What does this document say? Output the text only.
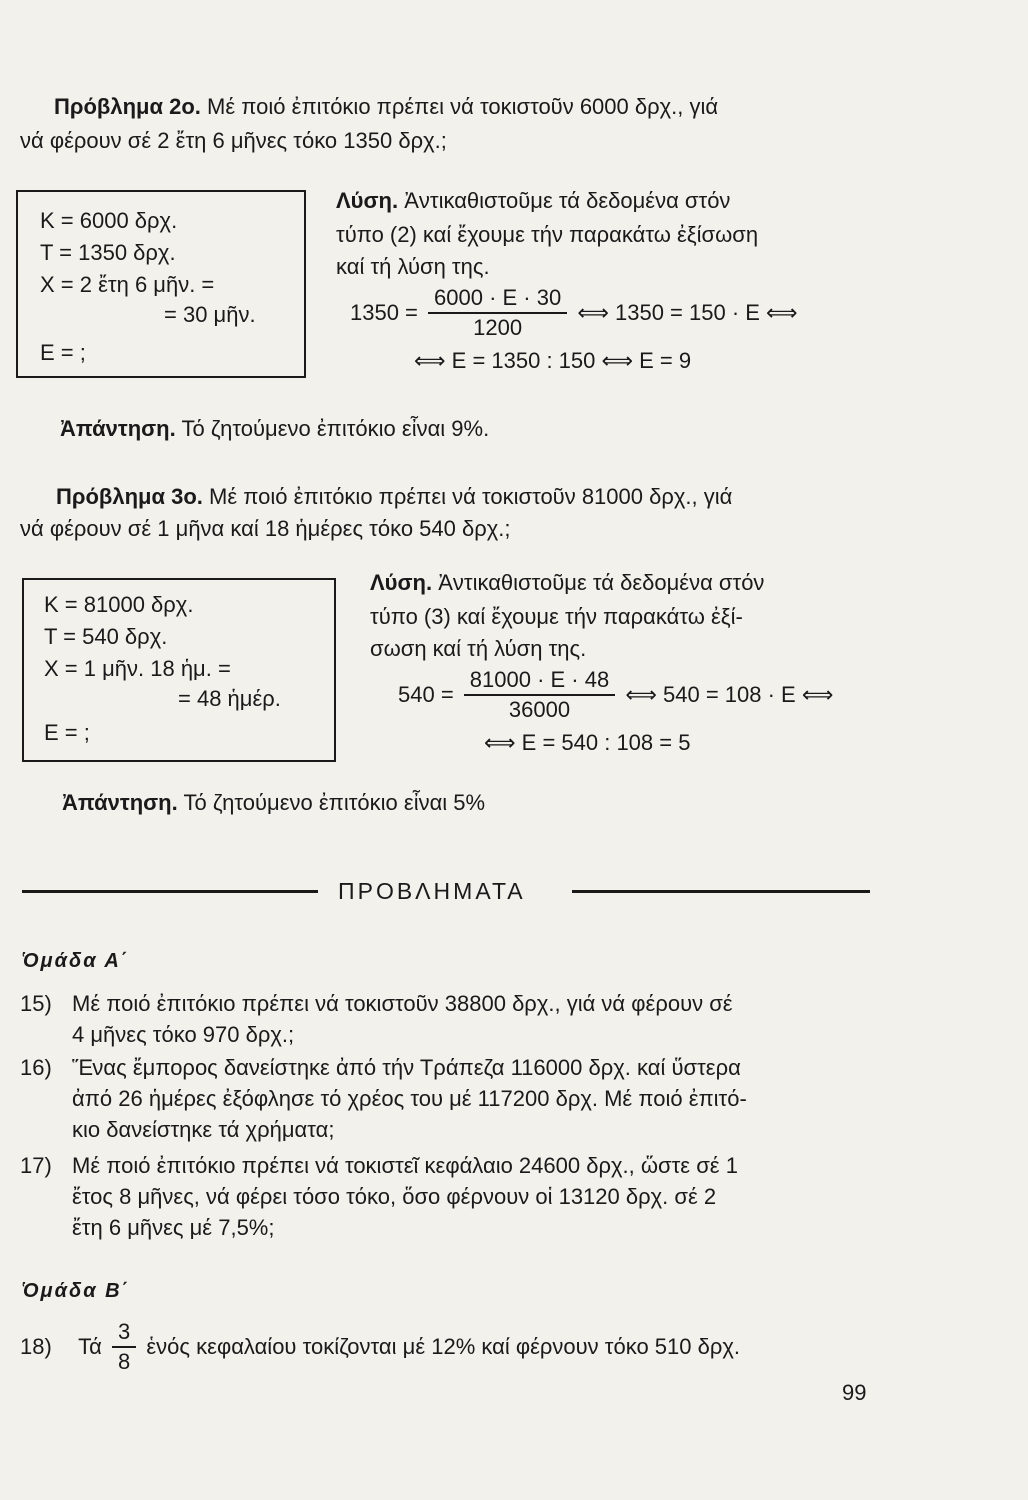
Πρόβλημα 2ο. Μέ ποιό ἐπιτόκιο πρέπει νά τοκιστοῦν 6000 δρχ., γιά
νά φέρουν σέ 2 ἔτη 6 μῆνες τόκο 1350 δρχ.;
Κ = 6000 δρχ.
Τ = 1350 δρχ.
Χ = 2 ἔτη 6 μῆν. =
= 30 μῆν.
Ε = ;
Λύση. Ἀντικαθιστοῦμε τά δεδομένα στόν
τύπο (2) καί ἔχουμε τήν παρακάτω ἐξίσωση
καί τή λύση της.
$1350 = \frac{6000 \cdot E \cdot 30}{1200}$ ⟺ 1350 = 150 · Ε ⟺
⟺ Ε = 1350 : 150 ⟺ Ε = 9
Ἀπάντηση. Τό ζητούμενο ἐπιτόκιο εἶναι 9%.
Πρόβλημα 3ο. Μέ ποιό ἐπιτόκιο πρέπει νά τοκιστοῦν 81000 δρχ., γιά
νά φέρουν σέ 1 μῆνα καί 18 ἡμέρες τόκο 540 δρχ.;
Κ = 81000 δρχ.
Τ = 540 δρχ.
Χ = 1 μῆν. 18 ἡμ. =
= 48 ἡμέρ.
Ε = ;
Λύση. Ἀντικαθιστοῦμε τά δεδομένα στόν
τύπο (3) καί ἔχουμε τήν παρακάτω ἐξί-
σωση καί τή λύση της.
$540 = \frac{81000 \cdot E \cdot 48}{36000}$ ⟺ 540 = 108 · Ε ⟺
⟺ Ε = 540 : 108 = 5
Ἀπάντηση. Τό ζητούμενο ἐπιτόκιο εἶναι 5%
ΠΡΟΒΛΗΜΑΤΑ
Ὁμάδα Α΄
15) Μέ ποιό ἐπιτόκιο πρέπει νά τοκιστοῦν 38800 δρχ., γιά νά φέρουν σέ
4 μῆνες τόκο 970 δρχ.;
16) Ἕνας ἔμπορος δανείστηκε ἀπό τήν Τράπεζα 116000 δρχ. καί ὕστερα
ἀπό 26 ἡμέρες ἐξόφλησε τό χρέος του μέ 117200 δρχ. Μέ ποιό ἐπιτό-
κιο δανείστηκε τά χρήματα;
17) Μέ ποιό ἐπιτόκιο πρέπει νά τοκιστεῖ κεφάλαιο 24600 δρχ., ὥστε σέ 1
ἔτος 8 μῆνες, νά φέρει τόσο τόκο, ὅσο φέρνουν οἱ 13120 δρχ. σέ 2
ἔτη 6 μῆνες μέ 7,5%;
Ὁμάδα Β΄
18) Τά $\frac{3}{8}$ ἑνός κεφαλαίου τοκίζονται μέ 12% καί φέρνουν τόκο 510 δρχ.
99
